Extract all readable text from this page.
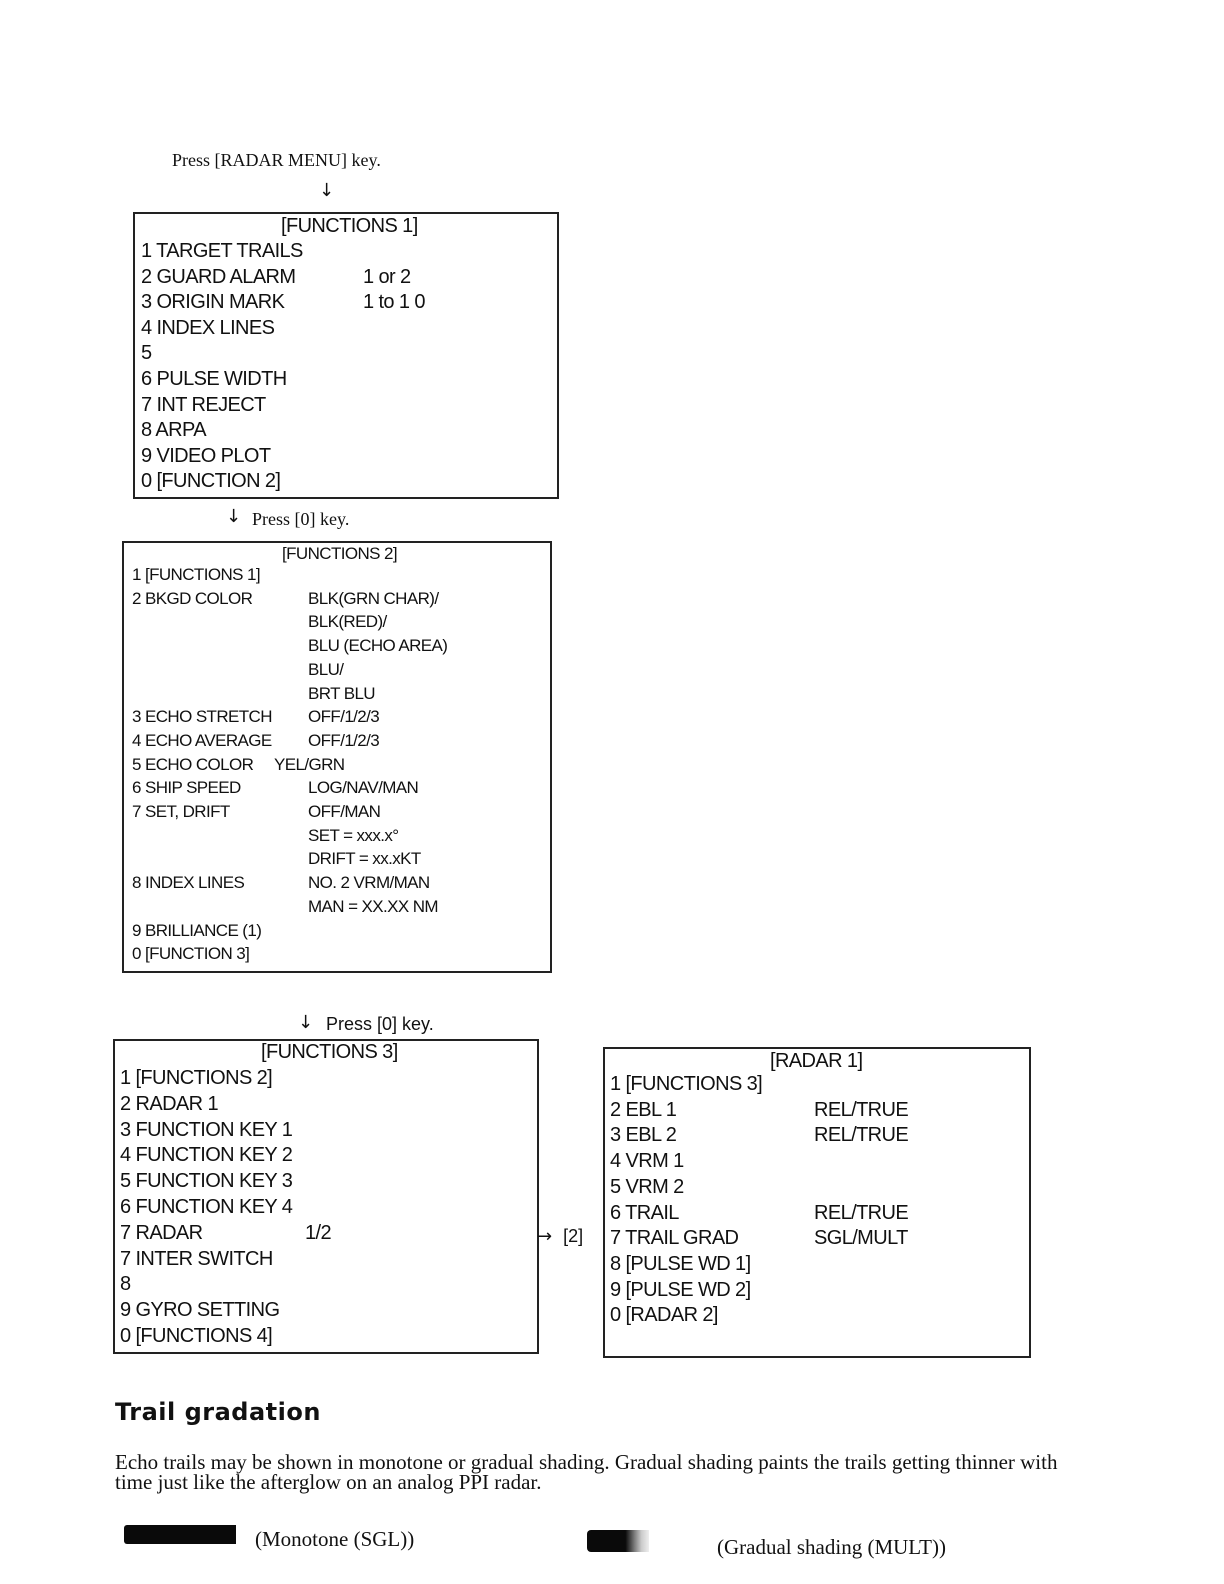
Press [RADAR MENU] key.
↓
[FUNCTIONS 1]
1 TARGET TRAILS
2 GUARD ALARM	1 or 2
3 ORIGIN MARK	1 to 1 0
4 INDEX LINES
5
6 PULSE WIDTH
7 INT REJECT
8 ARPA
9 VIDEO PLOT
0 [FUNCTION 2]
↓ Press [0] key.
[FUNCTIONS 2]
1 [FUNCTIONS 1]
2 BKGD COLOR	BLK(GRN CHAR)/
BLK(RED)/
BLU (ECHO AREA)
BLU/
BRT BLU
3 ECHO STRETCH OFF/1/2/3
4 ECHO AVERAGE OFF/1/2/3
5 ECHO COLOR YEL/GRN
6 SHIP SPEED	LOG/NAV/MAN
7 SET, DRIFT	OFF/MAN
SET = xxx.x°
DRIFT = xx.xKT
8 INDEX LINES	NO. 2 VRM/MAN
MAN = XX.XX NM
9 BRILLIANCE (1)
0 [FUNCTION 3]
↓ Press [0] key.
[FUNCTIONS 3]
1 [FUNCTIONS 2]
2 RADAR 1
3 FUNCTION KEY 1
4 FUNCTION KEY 2
5 FUNCTION KEY 3
6 FUNCTION KEY 4
7 RADAR	1/2
7 INTER SWITCH
8
9 GYRO SETTING
0 [FUNCTIONS 4]
→ [2]
[RADAR 1]
1 [FUNCTIONS 3]
2 EBL 1	REL/TRUE
3 EBL 2	REL/TRUE
4 VRM 1
5 VRM 2
6 TRAIL	REL/TRUE
7 TRAIL GRAD	SGL/MULT
8 [PULSE WD 1]
9 [PULSE WD 2]
0 [RADAR 2]
Trail gradation
Echo trails may be shown in monotone or gradual shading. Gradual shading paints the trails getting thinner with time just like the afterglow on an analog PPI radar.
(Monotone (SGL))	(Gradual shading (MULT))
